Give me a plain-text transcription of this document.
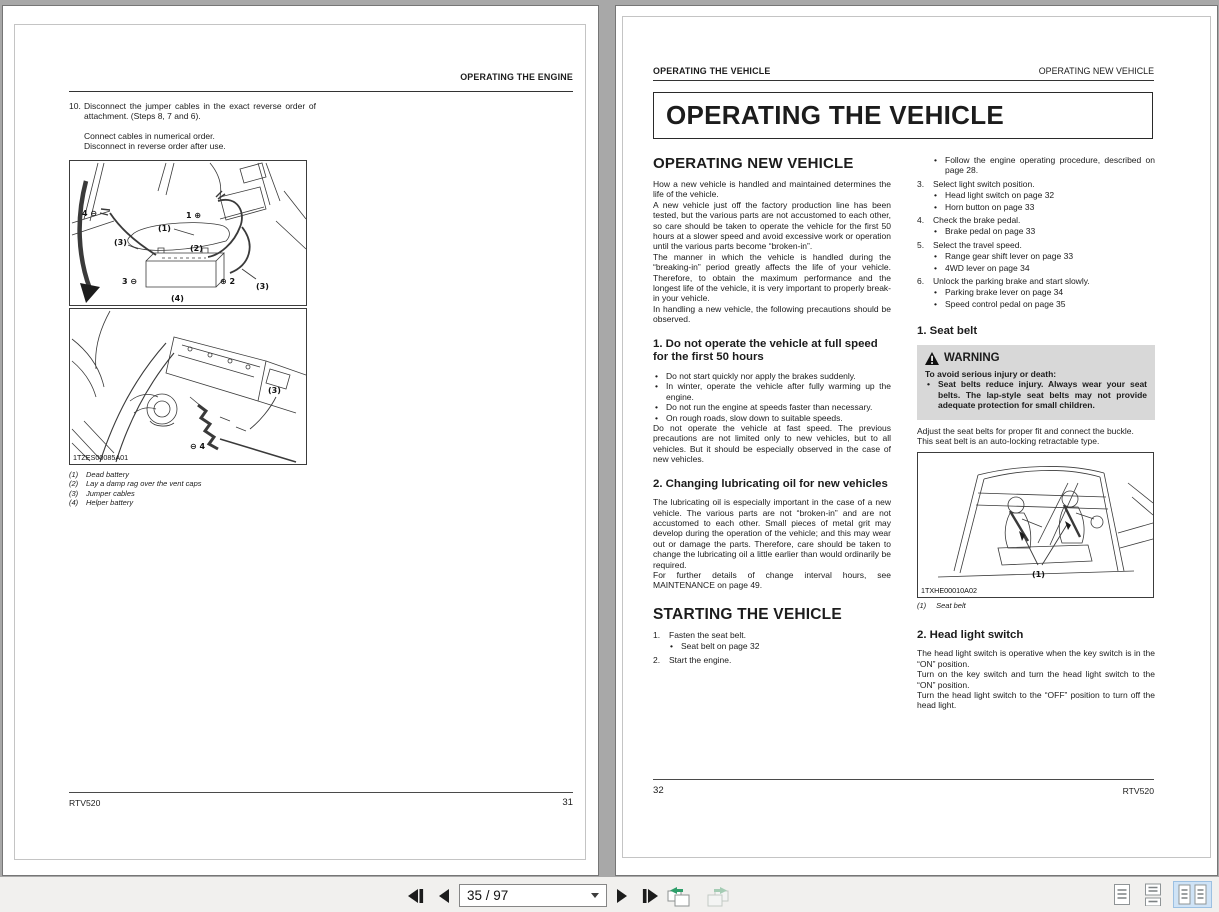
OPERATING THE ENGINE
10. Disconnect the jumper cables in the exact reverse order of attachment. (Steps 8, 7 and 6).
Connect cables in numerical order.
Disconnect in reverse order after use.
4 ⊖	1 ⊕
(1)
(2)
(3)
3 ⊖	⊕ 2
(4)
(3)
(3)
⊖ 4
1TZES00085A01
(1) Dead battery
(2) Lay a damp rag over the vent caps
(3) Jumper cables
(4) Helper battery
RTV520	31
OPERATING THE VEHICLE	OPERATING NEW VEHICLE
OPERATING THE VEHICLE
OPERATING NEW VEHICLE

How a new vehicle is handled and maintained determines the life of the vehicle.

A new vehicle just off the factory production line has been tested, but the various parts are not accustomed to each other, so care should be taken to operate the vehicle for the first 50 hours at a slower speed and avoid excessive work or operation until the various parts become “broken-in”.

The manner in which the vehicle is handled during the “breaking-in” period greatly affects the life of your vehicle. Therefore, to obtain the maximum performance and the longest life of the vehicle, it is very important to properly break-in your vehicle.

In handling a new vehicle, the following precautions should be observed.

1. Do not operate the vehicle at full speed for the first 50 hours
• Do not start quickly nor apply the brakes suddenly.
• In winter, operate the vehicle after fully warming up the engine.
• Do not run the engine at speeds faster than necessary.
• On rough roads, slow down to suitable speeds.

Do not operate the vehicle at fast speed. The previous precautions are not limited only to new vehicles, but to all vehicles. But it should be especially observed in the case of new vehicles.

2. Changing lubricating oil for new vehicles

The lubricating oil is especially important in the case of a new vehicle. The various parts are not “broken-in” and are not accustomed to each other. Small pieces of metal grit may develop during the operation of the vehicle; and this may wear out or damage the parts. Therefore, care should be taken to change the lubricating oil a little earlier than would ordinarily be required.

For further details of change interval hours, see MAINTENANCE on page 49.

STARTING THE VEHICLE
1. Fasten the seat belt.
• Seat belt on page 32
2. Start the engine.
• Follow the engine operating procedure, described on page 28.
3. Select light switch position.
• Head light switch on page 32
• Horn button on page 33
4. Check the brake pedal.
• Brake pedal on page 33
5. Select the travel speed.
• Range gear shift lever on page 33
• 4WD lever on page 34
6. Unlock the parking brake and start slowly.
• Parking brake lever on page 34
• Speed control pedal on page 35
1. Seat belt
WARNING
To avoid serious injury or death:
• Seat belts reduce injury. Always wear your seat belts. The lap-style seat belts may not provide adequate protection for small children.

Adjust the seat belts for proper fit and connect the buckle.

This seat belt is an auto-locking retractable type.

(1)
1TXHE00010A02
(1) Seat belt
2. Head light switch

The head light switch is operative when the key switch is in the “ON” position.

Turn on the key switch and turn the head light switch to the “ON” position.

Turn the head light switch to the “OFF” position to turn off the head light.

32	RTV520
35 / 97
